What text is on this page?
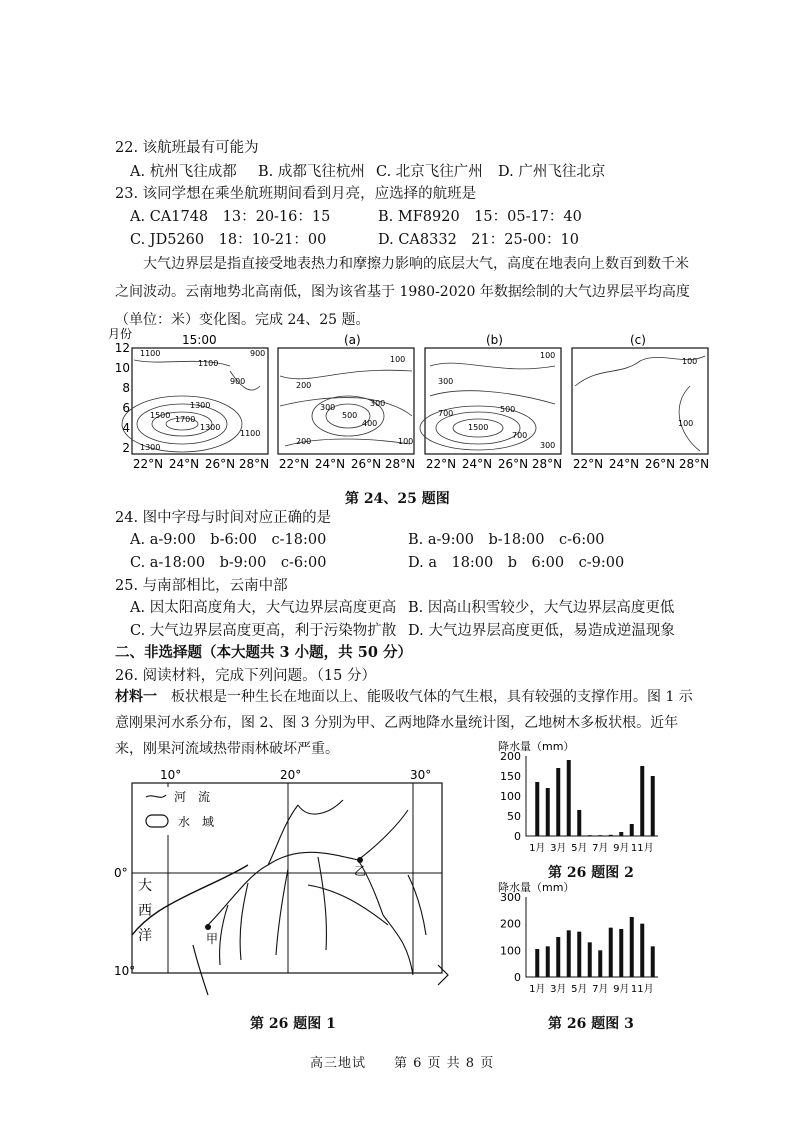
22. 该航班最有可能为
A. 杭州飞往成都 B. 成都飞往杭州 C. 北京飞往广州 D. 广州飞往北京
23. 该同学想在乘坐航班期间看到月亮，应选择的航班是
A. CA1748　13：20-16：15	B. MF8920　15：05-17：40
C. JD5260　18：10-21：00	D. CA8332　21：25-00：10
大气边界层是指直接受地表热力和摩擦力影响的底层大气，高度在地表向上数百到数千米之间波动。云南地势北高南低，图为该省基于 1980-2020 年数据绘制的大气边界层平均高度（单位：米）变化图。完成 24、25 题。
月份
12
10
8
6
4
2
15:00
1100	900
1100
900
1300
1700
1500
1300
1100
1300
(a)
100
200
300	300
500
400
200	100
(b)
100
300
700	500
1500
700
300
(c)
100
100
22°N 24°N 26°N 28°N 22°N 24°N 26°N 28°N 22°N 24°N 26°N 28°N 22°N 24°N 26°N 28°N
第 24、25 题图
24. 图中字母与时间对应正确的是
A. a-9:00　b-6:00　c-18:00	B. a-9:00　b-18:00　c-6:00
C. a-18:00　b-9:00　c-6:00	D. a　18:00　b　6:00　c-9:00
25. 与南部相比，云南中部
A. 因太阳高度角大，大气边界层高度更高 B. 因高山积雪较少，大气边界层高度更低
C. 大气边界层高度更高，利于污染物扩散 D. 大气边界层高度更低，易造成逆温现象
二、非选择题（本大题共 3 小题，共 50 分）
26. 阅读材料，完成下列问题。（15 分）
材料一　 板状根是一种生长在地面以上、能吸收气体的气生根，具有较强的支撑作用。图 1 示意刚果河水系分布，图 2、图 3 分别为甲、乙两地降水量统计图，乙地树木多板状根。近年来，刚果河流域热带雨林破坏严重。
10°	20°	30°
0°
10°
河　流
水　域
甲
乙
大
西
洋
第 26 题图 1
降水量（mm）
200
150
100
50
0
1月 3月 5月 7月 9月 11月
第 26 题图 2
降水量（mm）
300
200
100
0
1月 3月 5月 7月 9月 11月
第 26 题图 3
高三地试　　第 6 页 共 8 页
